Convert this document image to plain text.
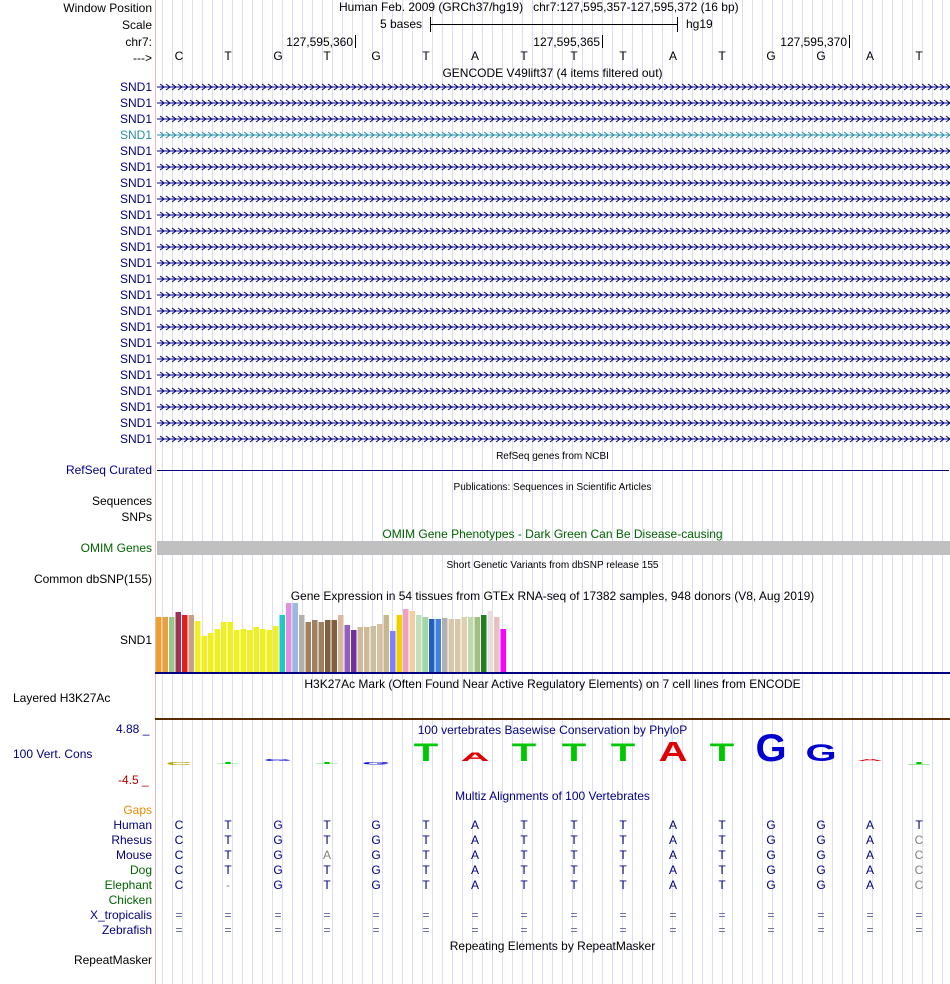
Window Position	Human Feb. 2009 (GRCh37/hg19) chr7:127,595,357-127,595,372 (16 bp)
Scale	5 bases	hg19
chr7:
--->
127,595,360	127,595,365	127,595,370
C	T	G	T	G	T	A	T	T	T	A	T	G	G	A	T
GENCODE V49lift37 (4 items filtered out)
SND1
SND1
SND1
SND1
SND1
SND1
SND1
SND1
SND1
SND1
SND1
SND1
SND1
SND1
SND1
SND1
SND1
SND1
SND1
SND1
SND1
SND1
SND1
RefSeq genes from NCBI
RefSeq Curated
Publications: Sequences in Scientific Articles
Sequences
SNPs
OMIM Gene Phenotypes - Dark Green Can Be Disease-causing
OMIM Genes
Short Genetic Variants from dbSNP release 155
Common dbSNP(155)
Gene Expression in 54 tissues from GTEx RNA-seq of 17382 samples, 948 donors (V8, Aug 2019)
SND1
H3K27Ac Mark (Often Found Near Active Regulatory Elements) on 7 cell lines from ENCODE
Layered H3K27Ac
100 vertebrates Basewise Conservation by PhyloP
4.88 _
100 Vert. Cons
-4.5 _
C T
G
T G T A T T T A T G G A
T
Multiz Alignments of 100 Vertebrates
Gaps
Human	C	T	G	T	G	T	A	T	T	T	A	T	G	G	A	T
Rhesus	C	T	G	T	G	T	A	T	T	T	A	T	G	G	A	C
Mouse	C	T	G	A	G	T	A	T	T	T	A	T	G	G	A	C
Dog	C	T	G	T	G	T	A	T	T	T	A	T	G	G	A	C
Elephant	C	-	G	T	G	T	A	T	T	T	A	T	G	G	A	C
Chicken
X_tropicalis	=	=	=	=	=	=	=	=	=	=	=	=	=	=	=	=
Zebrafish	=	=	=	=	=	=	=	=	=	=	=	=	=	=	=	=
Repeating Elements by RepeatMasker
RepeatMasker
